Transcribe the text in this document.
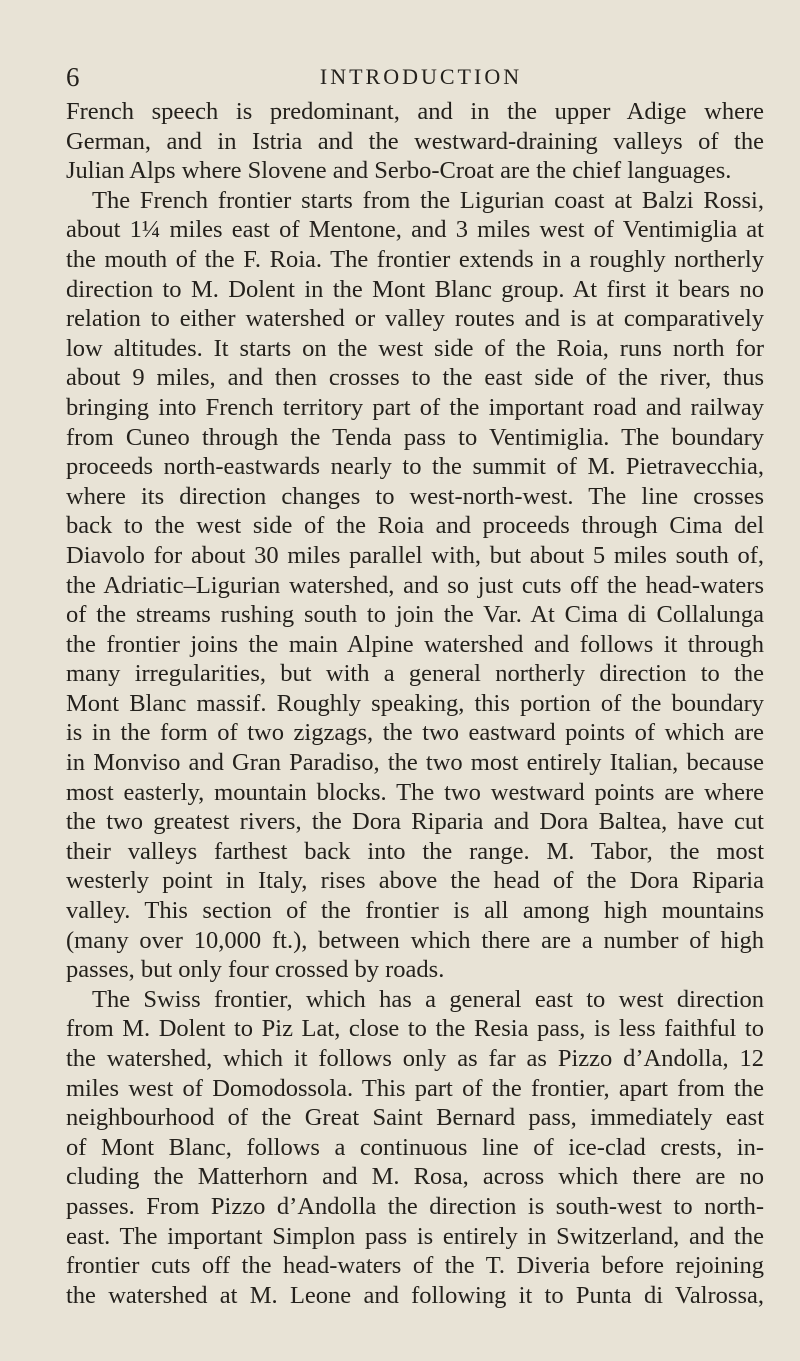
6	INTRODUCTION
French speech is predominant, and in the upper Adige where
German, and in Istria and the westward-draining valleys of the
Julian Alps where Slovene and Serbo-Croat are the chief languages.
The French frontier starts from the Ligurian coast at Balzi Rossi,
about 1¼ miles east of Mentone, and 3 miles west of Ventimiglia at
the mouth of the F. Roia. The frontier extends in a roughly northerly
direction to M. Dolent in the Mont Blanc group. At first it bears no
relation to either watershed or valley routes and is at comparatively
low altitudes. It starts on the west side of the Roia, runs north for
about 9 miles, and then crosses to the east side of the river, thus
bringing into French territory part of the important road and railway
from Cuneo through the Tenda pass to Ventimiglia. The boundary
proceeds north-eastwards nearly to the summit of M. Pietravecchia,
where its direction changes to west-north-west. The line crosses
back to the west side of the Roia and proceeds through Cima del
Diavolo for about 30 miles parallel with, but about 5 miles south of,
the Adriatic–Ligurian watershed, and so just cuts off the head-waters
of the streams rushing south to join the Var. At Cima di Collalunga
the frontier joins the main Alpine watershed and follows it through
many irregularities, but with a general northerly direction to the
Mont Blanc massif. Roughly speaking, this portion of the boundary
is in the form of two zigzags, the two eastward points of which are
in Monviso and Gran Paradiso, the two most entirely Italian, because
most easterly, mountain blocks. The two westward points are where
the two greatest rivers, the Dora Riparia and Dora Baltea, have cut
their valleys farthest back into the range. M. Tabor, the most
westerly point in Italy, rises above the head of the Dora Riparia
valley. This section of the frontier is all among high mountains
(many over 10,000 ft.), between which there are a number of high
passes, but only four crossed by roads.
The Swiss frontier, which has a general east to west direction
from M. Dolent to Piz Lat, close to the Resia pass, is less faithful to
the watershed, which it follows only as far as Pizzo d’Andolla, 12
miles west of Domodossola. This part of the frontier, apart from the
neighbourhood of the Great Saint Bernard pass, immediately east
of Mont Blanc, follows a continuous line of ice-clad crests, in-
cluding the Matterhorn and M. Rosa, across which there are no
passes. From Pizzo d’Andolla the direction is south-west to north-
east. The important Simplon pass is entirely in Switzerland, and the
frontier cuts off the head-waters of the T. Diveria before rejoining
the watershed at M. Leone and following it to Punta di Valrossa,
